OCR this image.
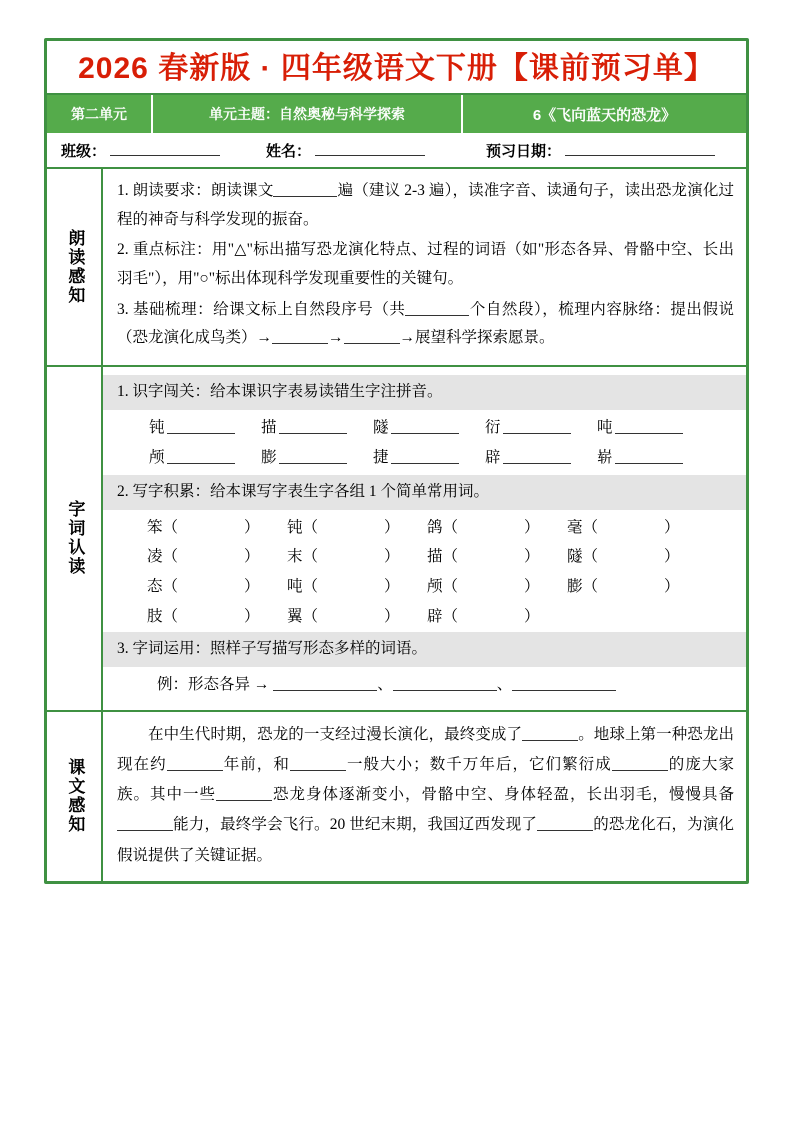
2026 春新版 · 四年级语文下册【课前预习单】
第二单元	单元主题：自然奥秘与科学探索	6《飞向蓝天的恐龙》
班级：	姓名：	预习日期：
朗读感知

1. 朗读要求：朗读课文	遍（建议 2-3 遍），读准字音、读通句子，读出恐龙演化过程的神奇与科学发现的振奋。

2. 重点标注：用"△"标出描写恐龙演化特点、过程的词语（如"形态各异、骨骼中空、长出羽毛"），用"○"标出体现科学发现重要性的关键句。

3. 基础梳理：给课文标上自然段序号（共	个自然段），梳理内容脉络：提出假说（恐龙演化成鸟类）→	→	→展望科学探索愿景。

字词认读
1. 识字闯关：给本课识字表易读错生字注拼音。
钝	描	隧	衍	吨
颅	膨	捷	辟	崭
2. 写字积累：给本课写字表生字各组 1 个简单常用词。
笨（	）	钝（	）	鸽（	）	毫（	）
凌（	）	末（	）	描（	）	隧（	）
态（	）	吨（	）	颅（	）	膨（	）
肢（	）	翼（	）	辟（	）
3. 字词运用：照样子写描写形态多样的词语。
例：形态各异 →	、	、
课文感知

在中生代时期，恐龙的一支经过漫长演化，最终变成了	。地球上第一种恐龙出现在约	年前，和	一般大小；数千万年后，它们繁衍成	的庞大家族。其中一些	恐龙身体逐渐变小，骨骼中空、身体轻盈，长出羽毛，慢慢具备能力，最终学会飞行。20 世纪末期，我国辽西发现了	的恐龙化石，为演化假说提供了关键证据。
